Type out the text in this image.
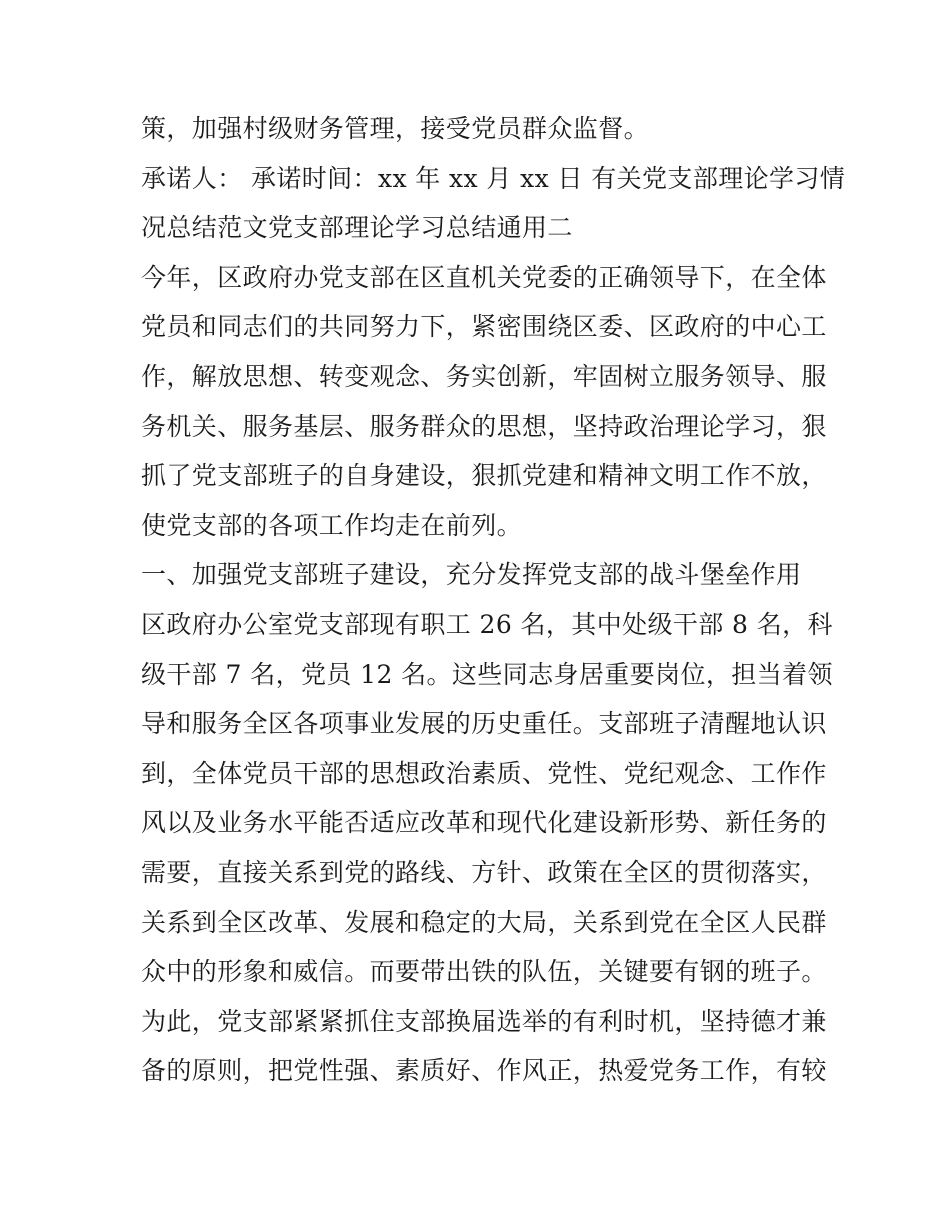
策，加强村级财务管理，接受党员群众监督。
承诺人： 承诺时间：xx 年 xx 月 xx 日 有关党支部理论学习情
况总结范文党支部理论学习总结通用二
今年，区政府办党支部在区直机关党委的正确领导下，在全体
党员和同志们的共同努力下，紧密围绕区委、区政府的中心工
作，解放思想、转变观念、务实创新，牢固树立服务领导、服
务机关、服务基层、服务群众的思想，坚持政治理论学习，狠
抓了党支部班子的自身建设，狠抓党建和精神文明工作不放，
使党支部的各项工作均走在前列。
一、加强党支部班子建设，充分发挥党支部的战斗堡垒作用
区政府办公室党支部现有职工 26 名，其中处级干部 8 名，科
级干部 7 名，党员 12 名。这些同志身居重要岗位，担当着领
导和服务全区各项事业发展的历史重任。支部班子清醒地认识
到，全体党员干部的思想政治素质、党性、党纪观念、工作作
风以及业务水平能否适应改革和现代化建设新形势、新任务的
需要，直接关系到党的路线、方针、政策在全区的贯彻落实，
关系到全区改革、发展和稳定的大局，关系到党在全区人民群
众中的形象和威信。而要带出铁的队伍，关键要有钢的班子。
为此，党支部紧紧抓住支部换届选举的有利时机，坚持德才兼
备的原则，把党性强、素质好、作风正，热爱党务工作，有较
